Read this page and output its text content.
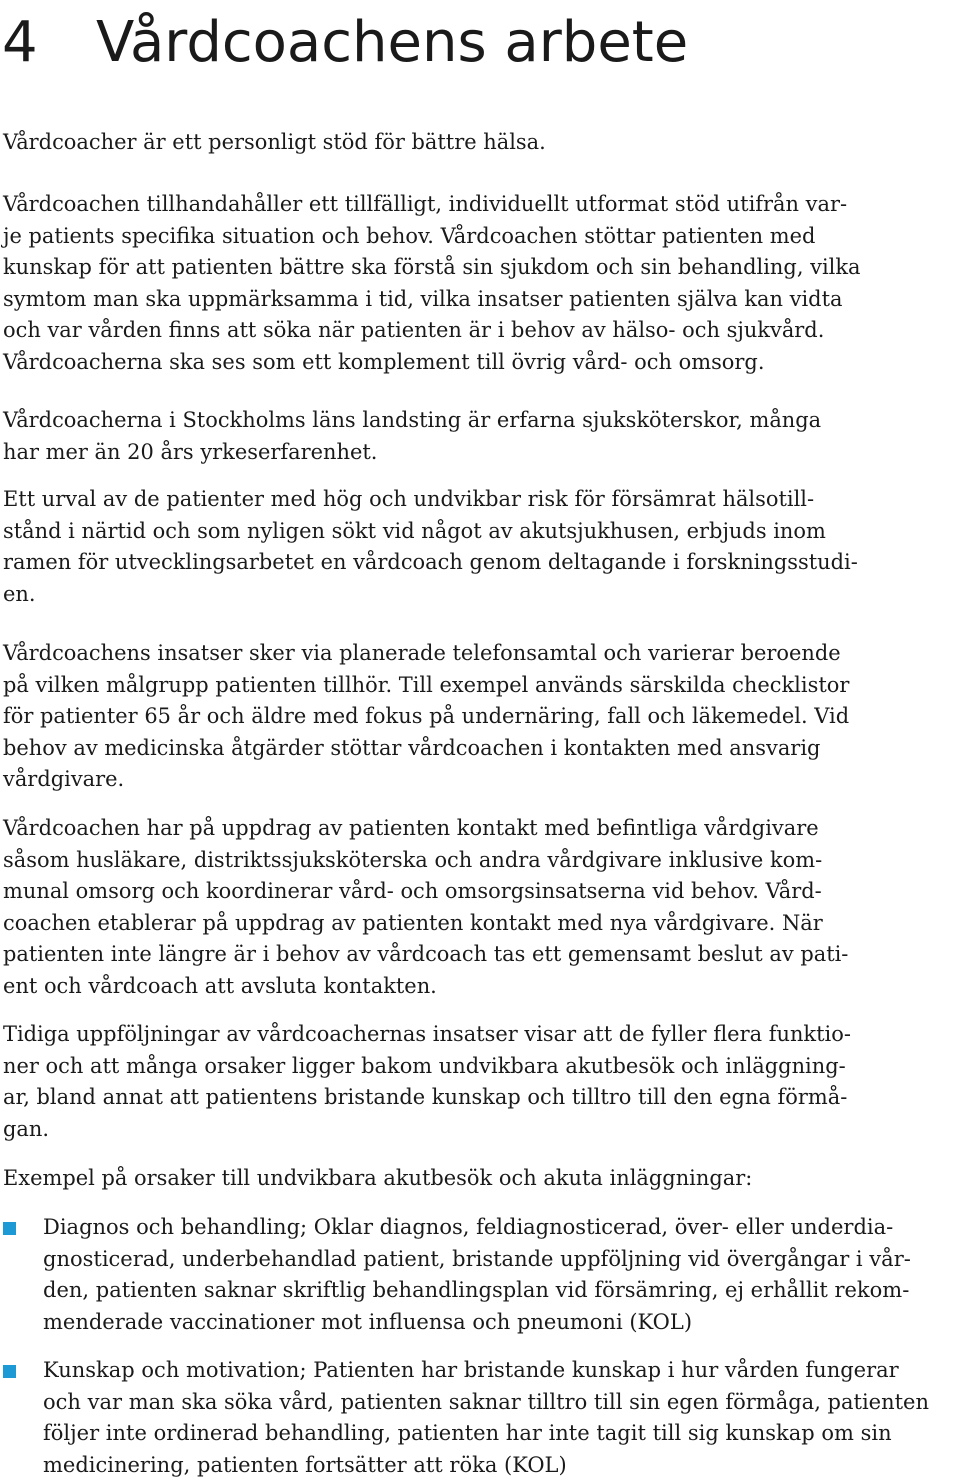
4 Vårdcoachens arbete
Vårdcoacher är ett personligt stöd för bättre hälsa.
Vårdcoachen tillhandahåller ett tillfälligt, individuellt utformat stöd utifrån var-
je patients specifika situation och behov. Vårdcoachen stöttar patienten med
kunskap för att patienten bättre ska förstå sin sjukdom och sin behandling, vilka
symtom man ska uppmärksamma i tid, vilka insatser patienten själva kan vidta
och var vården finns att söka när patienten är i behov av hälso- och sjukvård.
Vårdcoacherna ska ses som ett komplement till övrig vård- och omsorg.
Vårdcoacherna i Stockholms läns landsting är erfarna sjuksköterskor, många
har mer än 20 års yrkeserfarenhet.
Ett urval av de patienter med hög och undvikbar risk för försämrat hälsotill-
stånd i närtid och som nyligen sökt vid något av akutsjukhusen, erbjuds inom
ramen för utvecklingsarbetet en vårdcoach genom deltagande i forskningsstudi-
en.
Vårdcoachens insatser sker via planerade telefonsamtal och varierar beroende
på vilken målgrupp patienten tillhör. Till exempel används särskilda checklistor
för patienter 65 år och äldre med fokus på undernäring, fall och läkemedel. Vid
behov av medicinska åtgärder stöttar vårdcoachen i kontakten med ansvarig
vårdgivare.
Vårdcoachen har på uppdrag av patienten kontakt med befintliga vårdgivare
såsom husläkare, distriktssjuksköterska och andra vårdgivare inklusive kom-
munal omsorg och koordinerar vård- och omsorgsinsatserna vid behov. Vård-
coachen etablerar på uppdrag av patienten kontakt med nya vårdgivare. När
patienten inte längre är i behov av vårdcoach tas ett gemensamt beslut av pati-
ent och vårdcoach att avsluta kontakten.
Tidiga uppföljningar av vårdcoachernas insatser visar att de fyller flera funktio-
ner och att många orsaker ligger bakom undvikbara akutbesök och inläggning-
ar, bland annat att patientens bristande kunskap och tilltro till den egna förmå-
gan.
Exempel på orsaker till undvikbara akutbesök och akuta inläggningar:
Diagnos och behandling; Oklar diagnos, feldiagnosticerad, över- eller underdia-
gnosticerad, underbehandlad patient, bristande uppföljning vid övergångar i vår-
den, patienten saknar skriftlig behandlingsplan vid försämring, ej erhållit rekom-
menderade vaccinationer mot influensa och pneumoni (KOL)
Kunskap och motivation; Patienten har bristande kunskap i hur vården fungerar
och var man ska söka vård, patienten saknar tilltro till sin egen förmåga, patienten
följer inte ordinerad behandling, patienten har inte tagit till sig kunskap om sin
medicinering, patienten fortsätter att röka (KOL)
